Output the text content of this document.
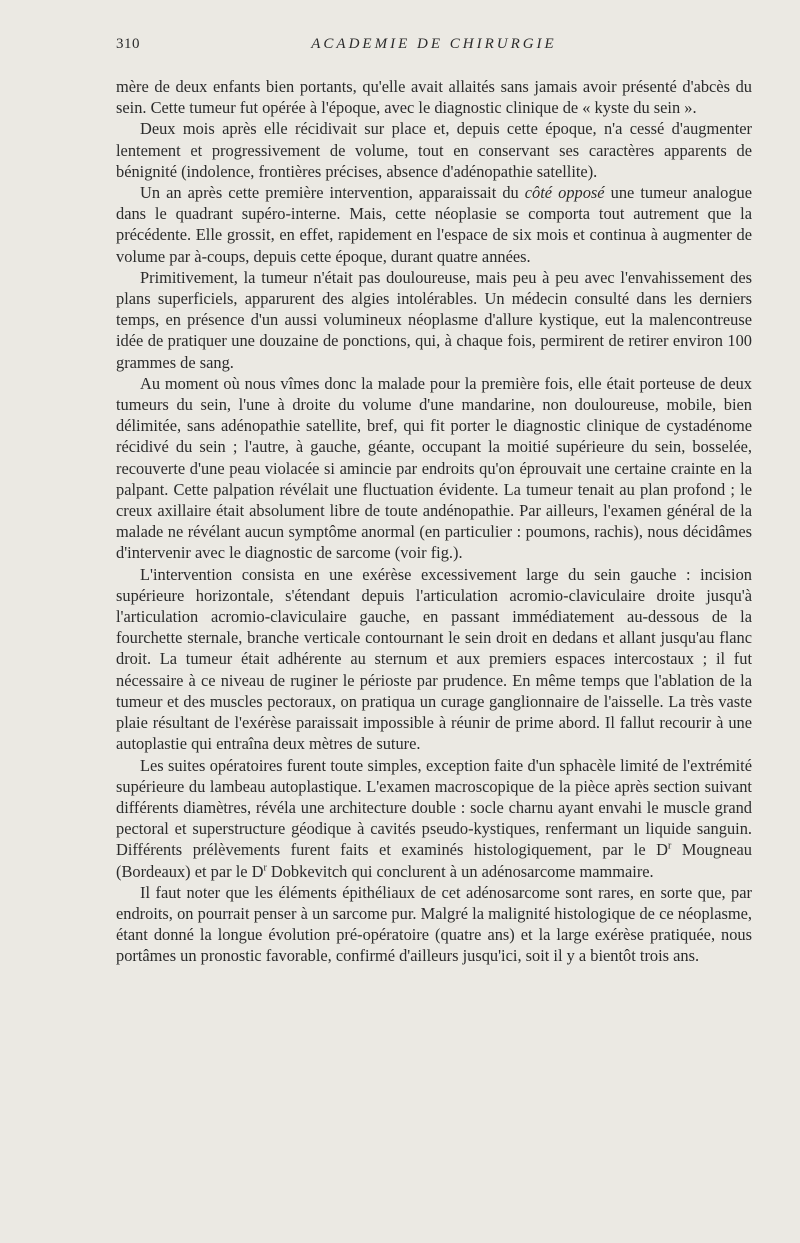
310	ACADEMIE DE CHIRURGIE

mère de deux enfants bien portants, qu'elle avait allaités sans jamais avoir présenté d'abcès du sein. Cette tumeur fut opérée à l'époque, avec le diagnostic clinique de « kyste du sein ».

Deux mois après elle récidivait sur place et, depuis cette époque, n'a cessé d'augmenter lentement et progressivement de volume, tout en conservant ses caractères apparents de bénignité (indolence, frontières précises, absence d'adénopathie satellite).

Un an après cette première intervention, apparaissait du côté opposé une tumeur analogue dans le quadrant supéro-interne. Mais, cette néoplasie se comporta tout autrement que la précédente. Elle grossit, en effet, rapidement en l'espace de six mois et continua à augmenter de volume par à-coups, depuis cette époque, durant quatre années.

Primitivement, la tumeur n'était pas douloureuse, mais peu à peu avec l'envahissement des plans superficiels, apparurent des algies intolérables. Un médecin consulté dans les derniers temps, en présence d'un aussi volumineux néoplasme d'allure kystique, eut la malencontreuse idée de pratiquer une douzaine de ponctions, qui, à chaque fois, permirent de retirer environ 100 grammes de sang.

Au moment où nous vîmes donc la malade pour la première fois, elle était porteuse de deux tumeurs du sein, l'une à droite du volume d'une mandarine, non douloureuse, mobile, bien délimitée, sans adénopathie satellite, bref, qui fit porter le diagnostic clinique de cystadénome récidivé du sein ; l'autre, à gauche, géante, occupant la moitié supérieure du sein, bosselée, recouverte d'une peau violacée si amincie par endroits qu'on éprouvait une certaine crainte en la palpant. Cette palpation révélait une fluctuation évidente. La tumeur tenait au plan profond ; le creux axillaire était absolument libre de toute andénopathie. Par ailleurs, l'examen général de la malade ne révélant aucun symptôme anormal (en particulier : poumons, rachis), nous décidâmes d'intervenir avec le diagnostic de sarcome (voir fig.).

L'intervention consista en une exérèse excessivement large du sein gauche : incision supérieure horizontale, s'étendant depuis l'articulation acromio-claviculaire droite jusqu'à l'articulation acromio-claviculaire gauche, en passant immédiatement au-dessous de la fourchette sternale, branche verticale contournant le sein droit en dedans et allant jusqu'au flanc droit. La tumeur était adhérente au sternum et aux premiers espaces intercostaux ; il fut nécessaire à ce niveau de ruginer le périoste par prudence. En même temps que l'ablation de la tumeur et des muscles pectoraux, on pratiqua un curage ganglionnaire de l'aisselle. La très vaste plaie résultant de l'exérèse paraissait impossible à réunir de prime abord. Il fallut recourir à une autoplastie qui entraîna deux mètres de suture.

Les suites opératoires furent toute simples, exception faite d'un sphacèle limité de l'extrémité supérieure du lambeau autoplastique. L'examen macroscopique de la pièce après section suivant différents diamètres, révéla une architecture double : socle charnu ayant envahi le muscle grand pectoral et superstructure géodique à cavités pseudo-kystiques, renfermant un liquide sanguin. Différents prélèvements furent faits et examinés histologiquement, par le $D^r$ Mougneau (Bordeaux) et par le $D^r$ Dobkevitch qui conclurent à un adénosarcome mammaire.

Il faut noter que les éléments épithéliaux de cet adénosarcome sont rares, en sorte que, par endroits, on pourrait penser à un sarcome pur. Malgré la malignité histologique de ce néoplasme, étant donné la longue évolution pré-opératoire (quatre ans) et la large exérèse pratiquée, nous portâmes un pronostic favorable, confirmé d'ailleurs jusqu'ici, soit il y a bientôt trois ans.
